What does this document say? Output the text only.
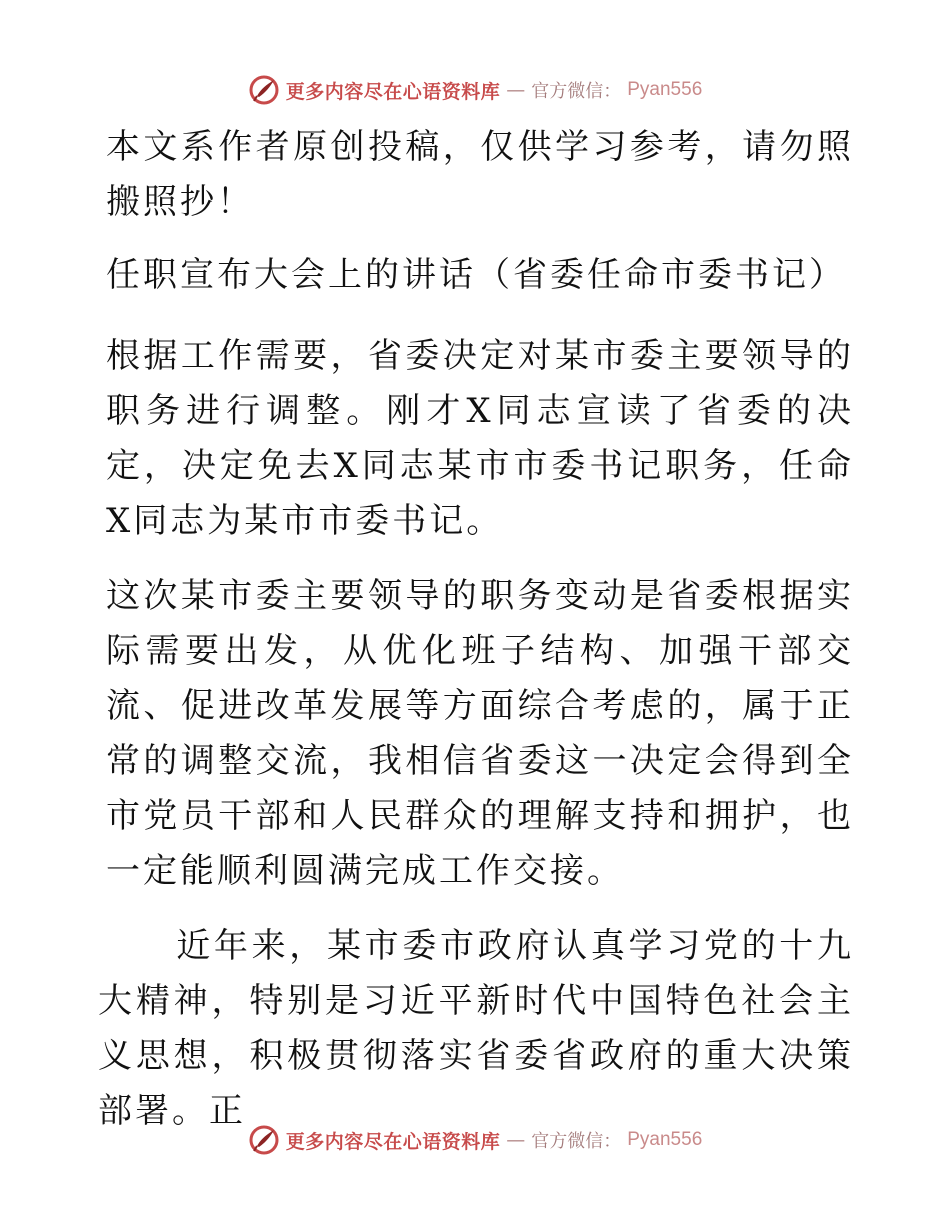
更多内容尽在心语资料库 — 官方微信： Pyan556

本文系作者原创投稿，仅供学习参考，请勿照搬照抄！

任职宣布大会上的讲话（省委任命市委书记）

根据工作需要，省委决定对某市委主要领导的职务进行调整。刚才X同志宣读了省委的决定，决定免去X同志某市市委书记职务，任命X同志为某市市委书记。

这次某市委主要领导的职务变动是省委根据实际需要出发，从优化班子结构、加强干部交流、促进改革发展等方面综合考虑的，属于正常的调整交流，我相信省委这一决定会得到全市党员干部和人民群众的理解支持和拥护，也一定能顺利圆满完成工作交接。

近年来，某市委市政府认真学习党的十九大精神，特别是习近平新时代中国特色社会主义思想，积极贯彻落实省委省政府的重大决策部署。正

更多内容尽在心语资料库 — 官方微信： Pyan556
